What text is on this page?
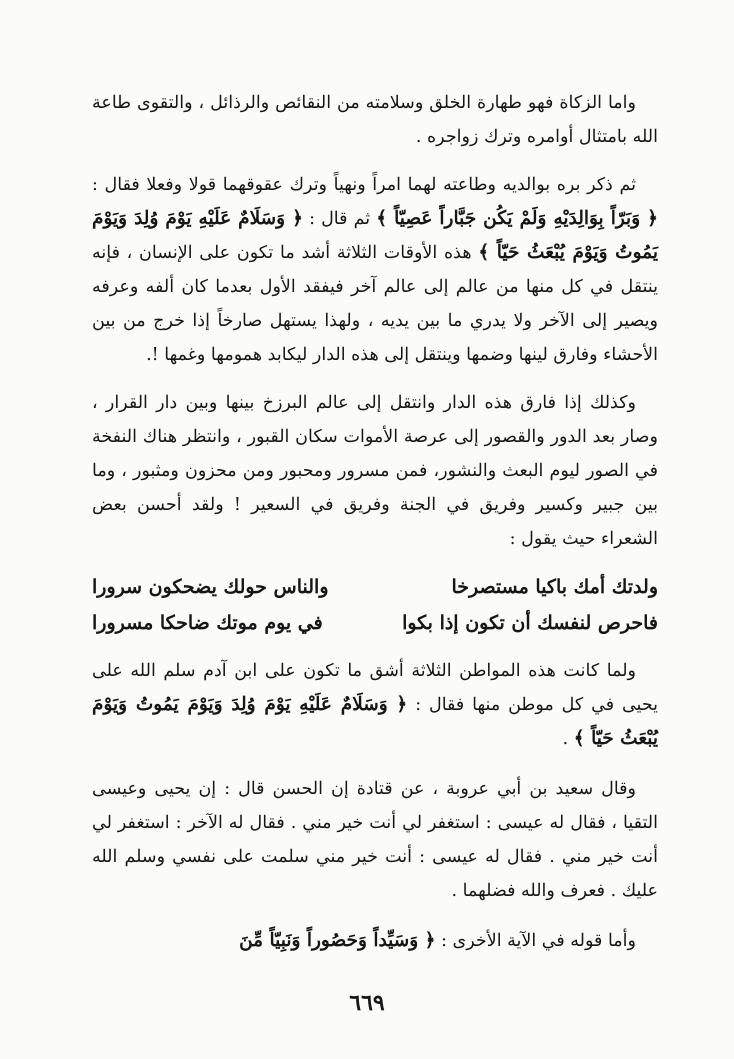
واما الزكاة فهو طهارة الخلق وسلامته من النقائص والرذائل ، والتقوى طاعة الله بامتثال أوامره وترك زواجره .

ثم ذكر بره بوالديه وطاعته لهما امراً ونهياً وترك عقوقهما قولا وفعلا فقال : ﴿ وَبَرّاً بِوَالِدَيْهِ وَلَمْ يَكُن جَبَّاراً عَصِيّاً ﴾ ثم قال : ﴿ وَسَلَامٌ عَلَيْهِ يَوْمَ وُلِدَ وَيَوْمَ يَمُوتُ وَيَوْمَ يُبْعَثُ حَيّاً ﴾ هذه الأوقات الثلاثة أشد ما تكون على الإنسان ، فإنه ينتقل في كل منها من عالم إلى عالم آخر فيفقد الأول بعدما كان ألفه وعرفه ويصير إلى الآخر ولا يدري ما بين يديه ، ولهذا يستهل صارخاً إذا خرج من بين الأحشاء وفارق لينها وضمها وينتقل إلى هذه الدار ليكابد همومها وغمها !.

وكذلك إذا فارق هذه الدار وانتقل إلى عالم البرزخ بينها وبين دار القرار ، وصار بعد الدور والقصور إلى عرصة الأموات سكان القبور ، وانتظر هناك النفخة في الصور ليوم البعث والنشور، فمن مسرور ومحبور ومن محزون ومثبور ، وما بين جبير وكسير وفريق في الجنة وفريق في السعير ! ولقد أحسن بعض الشعراء حيث يقول :

ولدتك أمك باكيا مستصرخا
والناس حولك يضحكون سرورا
فاحرص لنفسك أن تكون إذا بكوا
في يوم موتك ضاحكا مسرورا

ولما كانت هذه المواطن الثلاثة أشق ما تكون على ابن آدم سلم الله على يحيى في كل موطن منها فقال : ﴿ وَسَلَامٌ عَلَيْهِ يَوْمَ وُلِدَ وَيَوْمَ يَمُوتُ وَيَوْمَ يُبْعَثُ حَيّاً ﴾ .

وقال سعيد بن أبي عروبة ، عن قتادة إن الحسن قال : إن يحيى وعيسى التقيا ، فقال له عيسى : استغفر لي أنت خير مني . فقال له الآخر : استغفر لي أنت خير مني . فقال له عيسى : أنت خير مني سلمت على نفسي وسلم الله عليك . فعرف والله فضلهما .

وأما قوله في الآية الأخرى : ﴿ وَسَيِّداً وَحَصُوراً وَنَبِيّاً مِّنَ

٦٦٩
